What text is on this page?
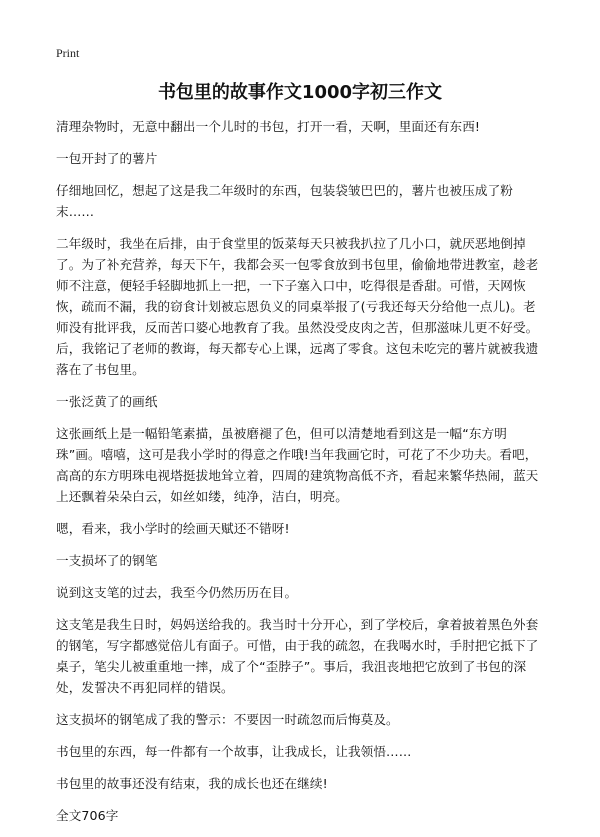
Print
书包里的故事作文1000字初三作文

清理杂物时，无意中翻出一个儿时的书包，打开一看，天啊，里面还有东西!

一包开封了的薯片

仔细地回忆，想起了这是我二年级时的东西，包装袋皱巴巴的，薯片也被压成了粉末……

二年级时，我坐在后排，由于食堂里的饭菜每天只被我扒拉了几小口，就厌恶地倒掉了。为了补充营养，每天下午，我都会买一包零食放到书包里，偷偷地带进教室，趁老师不注意，便轻手轻脚地抓上一把，一下子塞入口中，吃得很是香甜。可惜，天网恢恢，疏而不漏，我的窃食计划被忘恩负义的同桌举报了(亏我还每天分给他一点儿)。老师没有批评我，反而苦口婆心地教育了我。虽然没受皮肉之苦，但那滋味儿更不好受。后，我铭记了老师的教诲，每天都专心上课，远离了零食。这包未吃完的薯片就被我遗落在了书包里。

一张泛黄了的画纸

这张画纸上是一幅铅笔素描，虽被磨褪了色，但可以清楚地看到这是一幅“东方明珠”画。嘻嘻，这可是我小学时的得意之作哦!当年我画它时，可花了不少功夫。看吧，高高的东方明珠电视塔挺拔地耸立着，四周的建筑物高低不齐，看起来繁华热闹，蓝天上还飘着朵朵白云，如丝如缕，纯净，洁白，明亮。

嗯，看来，我小学时的绘画天赋还不错呀!

一支损坏了的钢笔

说到这支笔的过去，我至今仍然历历在目。

这支笔是我生日时，妈妈送给我的。我当时十分开心，到了学校后，拿着披着黑色外套的钢笔，写字都感觉倍儿有面子。可惜，由于我的疏忽，在我喝水时，手肘把它抵下了桌子，笔尖儿被重重地一摔，成了个“歪脖子”。事后，我沮丧地把它放到了书包的深处，发誓决不再犯同样的错误。

这支损坏的钢笔成了我的警示：不要因一时疏忽而后悔莫及。

书包里的东西，每一件都有一个故事，让我成长，让我领悟……

书包里的故事还没有结束，我的成长也还在继续!

全文706字
